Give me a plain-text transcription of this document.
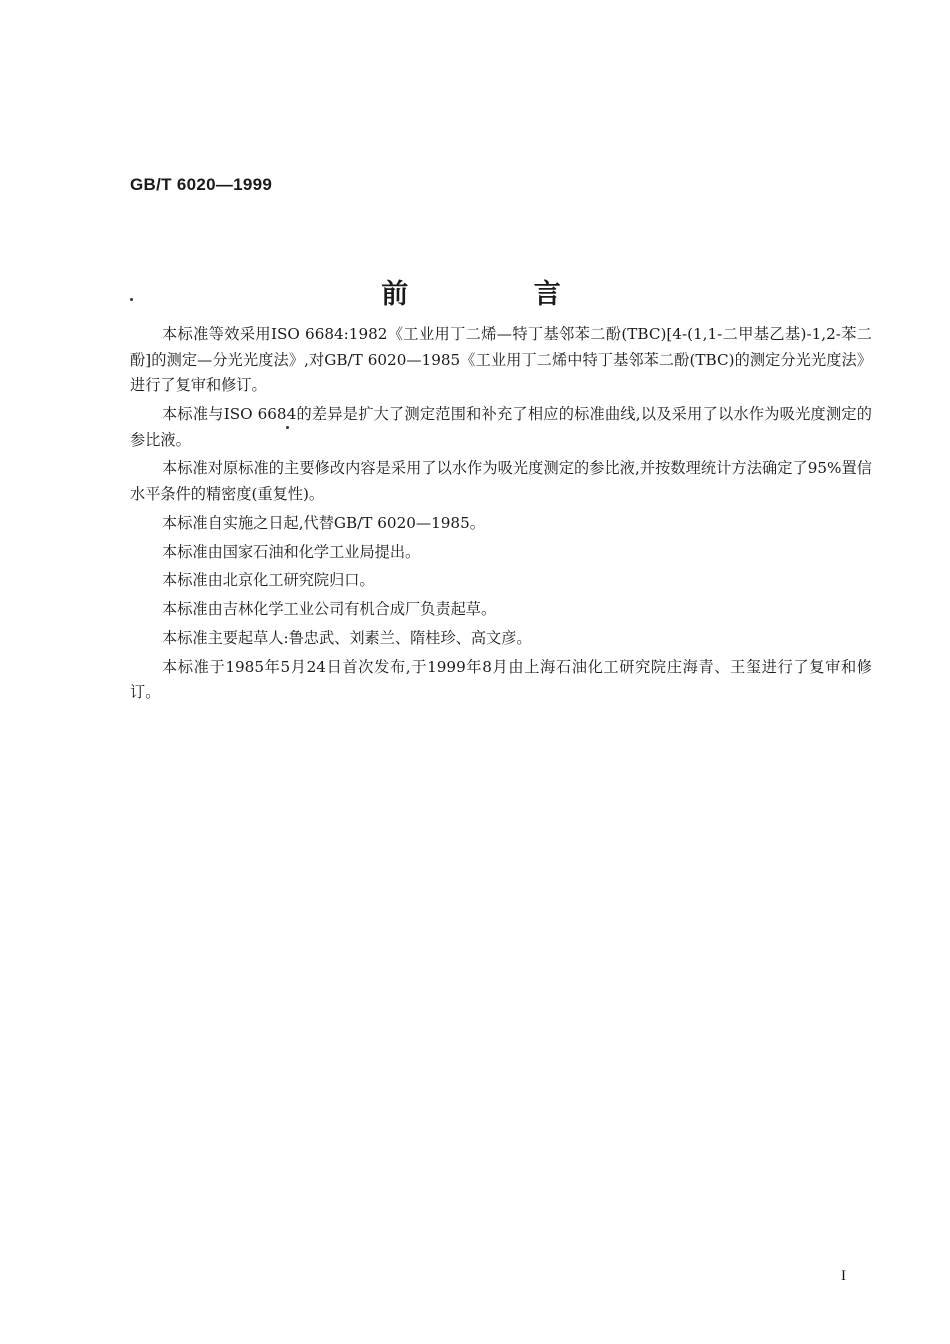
GB/T 6020—1999
前 言

本标准等效采用ISO 6684:1982《工业用丁二烯—特丁基邻苯二酚(TBC)[4-(1,1-二甲基乙基)-1,2-苯二酚]的测定—分光光度法》,对GB/T 6020—1985《工业用丁二烯中特丁基邻苯二酚(TBC)的测定分光光度法》进行了复审和修订。

本标准与ISO 6684的差异是扩大了测定范围和补充了相应的标准曲线,以及采用了以水作为吸光度测定的参比液。

本标准对原标准的主要修改内容是采用了以水作为吸光度测定的参比液,并按数理统计方法确定了95%置信水平条件的精密度(重复性)。

本标准自实施之日起,代替GB/T 6020—1985。

本标准由国家石油和化学工业局提出。

本标准由北京化工研究院归口。

本标准由吉林化学工业公司有机合成厂负责起草。

本标准主要起草人:鲁忠武、刘素兰、隋桂珍、高文彦。

本标准于1985年5月24日首次发布,于1999年8月由上海石油化工研究院庄海青、王玺进行了复审和修订。

I
